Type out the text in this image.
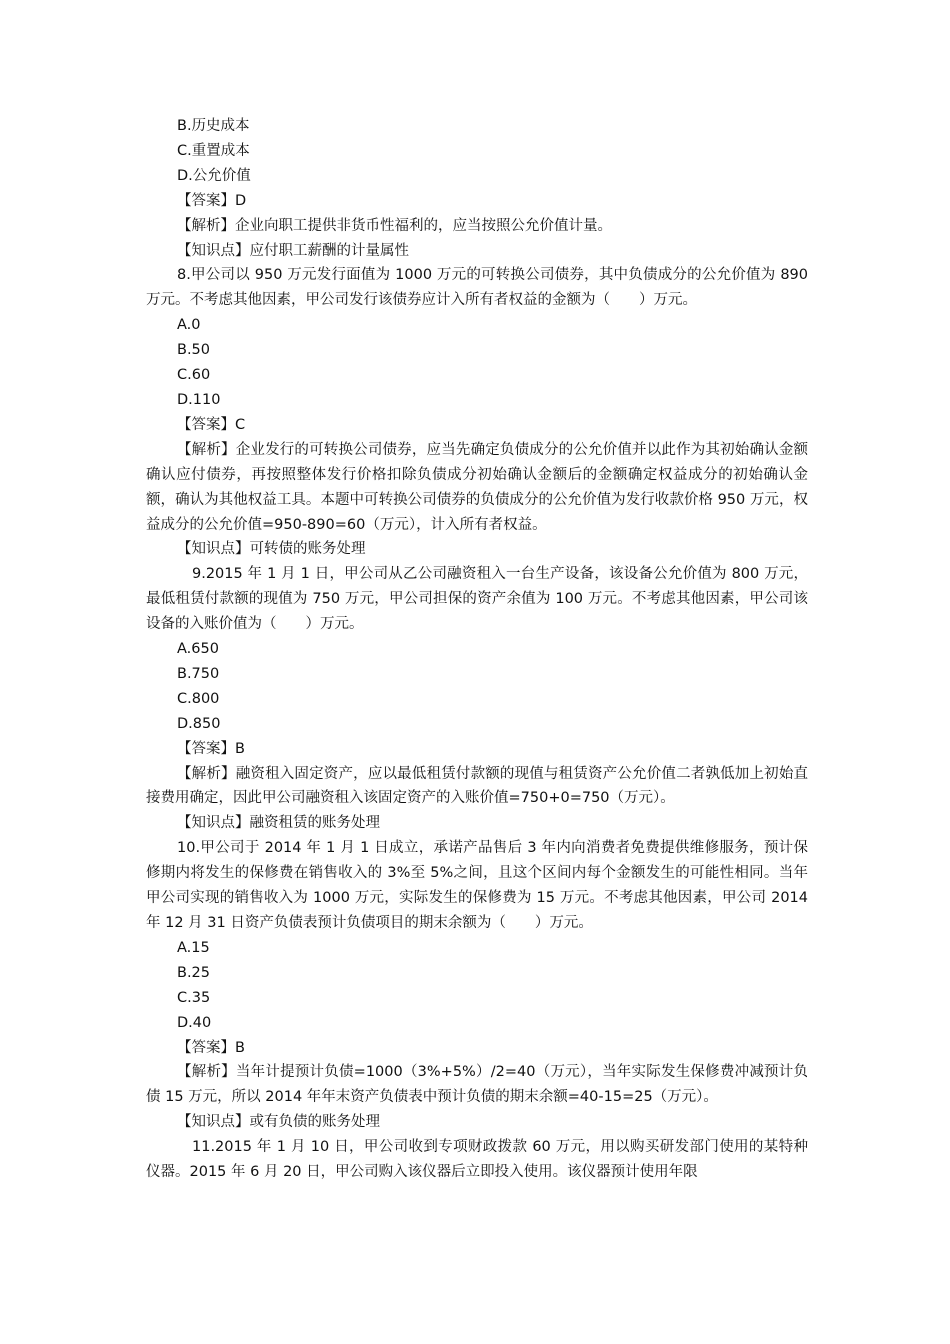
B.历史成本

C.重置成本

D.公允价值

【答案】D

【解析】企业向职工提供非货币性福利的，应当按照公允价值计量。

【知识点】应付职工薪酬的计量属性

8.甲公司以 950 万元发行面值为 1000 万元的可转换公司债券，其中负债成分的公允价值为 890 万元。不考虑其他因素，甲公司发行该债券应计入所有者权益的金额为（　　）万元。

A.0

B.50

C.60

D.110

【答案】C

【解析】企业发行的可转换公司债券，应当先确定负债成分的公允价值并以此作为其初始确认金额确认应付债券，再按照整体发行价格扣除负债成分初始确认金额后的金额确定权益成分的初始确认金额，确认为其他权益工具。本题中可转换公司债券的负债成分的公允价值为发行收款价格 950 万元，权益成分的公允价值=950-890=60（万元），计入所有者权益。

【知识点】可转债的账务处理

9.2015 年 1 月 1 日，甲公司从乙公司融资租入一台生产设备，该设备公允价值为 800 万元，最低租赁付款额的现值为 750 万元，甲公司担保的资产余值为 100 万元。不考虑其他因素，甲公司该设备的入账价值为（　　）万元。

A.650

B.750

C.800

D.850

【答案】B

【解析】融资租入固定资产，应以最低租赁付款额的现值与租赁资产公允价值二者孰低加上初始直接费用确定，因此甲公司融资租入该固定资产的入账价值=750+0=750（万元）。

【知识点】融资租赁的账务处理

10.甲公司于 2014 年 1 月 1 日成立，承诺产品售后 3 年内向消费者免费提供维修服务，预计保修期内将发生的保修费在销售收入的 3%至 5%之间，且这个区间内每个金额发生的可能性相同。当年甲公司实现的销售收入为 1000 万元，实际发生的保修费为 15 万元。不考虑其他因素，甲公司 2014 年 12 月 31 日资产负债表预计负债项目的期末余额为（　　）万元。

A.15

B.25

C.35

D.40

【答案】B

【解析】当年计提预计负债=1000（3%+5%）/2=40（万元），当年实际发生保修费冲减预计负债 15 万元，所以 2014 年年末资产负债表中预计负债的期末余额=40-15=25（万元）。

【知识点】或有负债的账务处理

11.2015 年 1 月 10 日，甲公司收到专项财政拨款 60 万元，用以购买研发部门使用的某特种仪器。2015 年 6 月 20 日，甲公司购入该仪器后立即投入使用。该仪器预计使用年限
